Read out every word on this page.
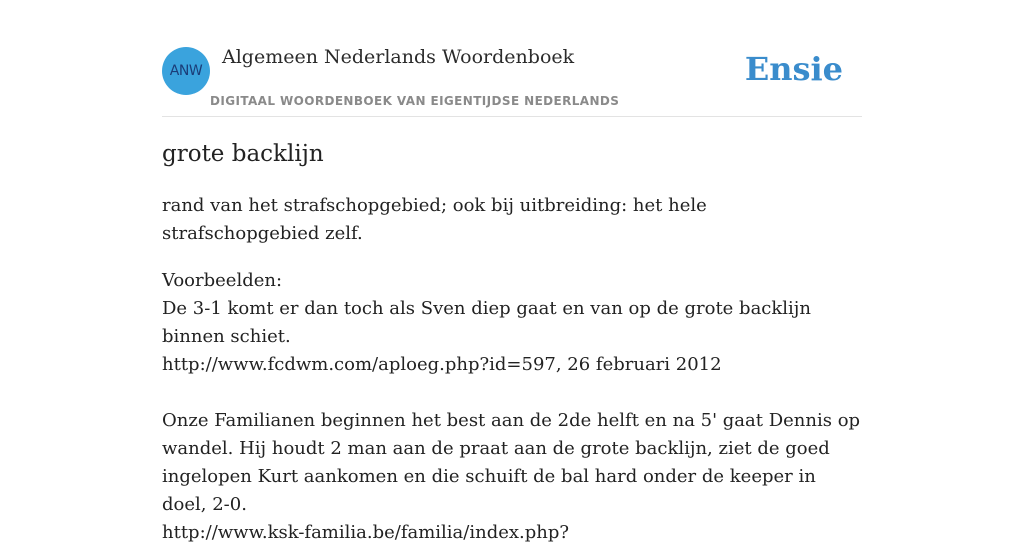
ANW
Algemeen Nederlands Woordenboek
DIGITAAL WOORDENBOEK VAN EIGENTIJDSE NEDERLANDS
Ensie
grote backlijn

rand van het strafschopgebied; ook bij uitbreiding: het hele strafschopgebied zelf.

Voorbeelden:
De 3-1 komt er dan toch als Sven diep gaat en van op de grote backlijn binnen schiet.
http://www.fcdwm.com/aploeg.php?id=597, 26 februari 2012
Onze Familianen beginnen het best aan de 2de helft en na 5' gaat Dennis op wandel. Hij houdt 2 man aan de praat aan de grote backlijn, ziet de goed ingelopen Kurt aankomen en die schuift de bal hard onder de keeper in doel, 2-0.
http://www.ksk-familia.be/familia/index.php?
